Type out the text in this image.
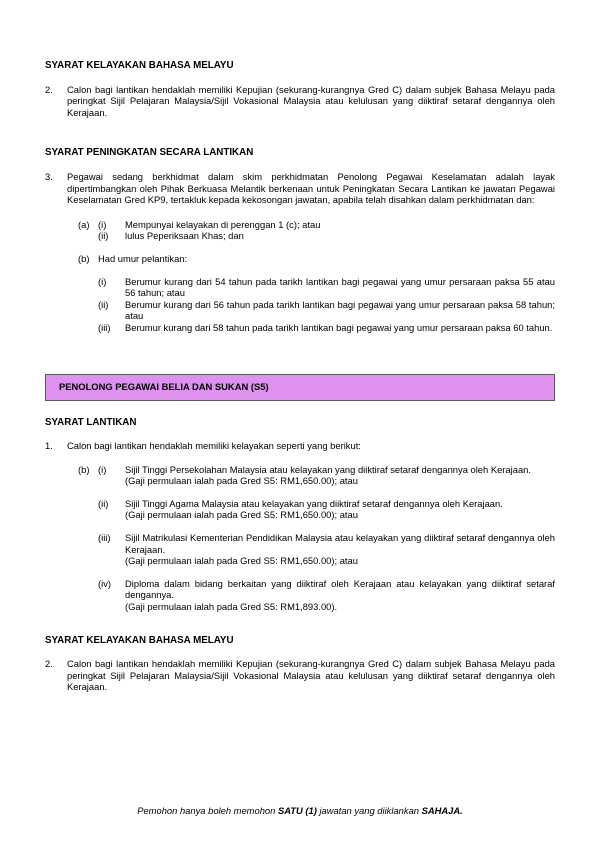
SYARAT KELAYAKAN BAHASA MELAYU
2.	Calon bagi lantikan hendaklah memiliki Kepujian (sekurang-kurangnya Gred C) dalam subjek Bahasa Melayu pada peringkat Sijil Pelajaran Malaysia/Sijil Vokasional Malaysia atau kelulusan yang diiktiraf setaraf dengannya oleh Kerajaan.
SYARAT PENINGKATAN SECARA LANTIKAN
3.	Pegawai sedang berkhidmat dalam skim perkhidmatan Penolong Pegawai Keselamatan adalah layak dipertimbangkan oleh Pihak Berkuasa Melantik berkenaan untuk Peningkatan Secara Lantikan ke jawatan Pegawai Keselamatan Gred KP9, tertakluk kepada kekosongan jawatan, apabila telah disahkan dalam perkhidmatan dan:
(a) (i)	Mempunyai kelayakan di perenggan 1 (c); atau
(ii)	lulus Peperiksaan Khas; dan
(b) Had umur pelantikan:
(i)	Berumur kurang dari 54 tahun pada tarikh lantikan bagi pegawai yang umur persaraan paksa 55 atau 56 tahun; atau
(ii)	Berumur kurang dari 56 tahun pada tarikh lantikan bagi pegawai yang umur persaraan paksa 58 tahun; atau
(iii)	Berumur kurang dari 58 tahun pada tarikh lantikan bagi pegawai yang umur persaraan paksa 60 tahun.
PENOLONG PEGAWAI BELIA DAN SUKAN (S5)
SYARAT LANTIKAN
1.	Calon bagi lantikan hendaklah memiliki kelayakan seperti yang berikut:
(b) (i)	Sijil Tinggi Persekolahan Malaysia atau kelayakan yang diiktiraf setaraf dengannya oleh Kerajaan.
(Gaji permulaan ialah pada Gred S5: RM1,650.00); atau
(ii)	Sijil Tinggi Agama Malaysia atau kelayakan yang diiktiraf setaraf dengannya oleh Kerajaan.
(Gaji permulaan ialah pada Gred S5: RM1,650.00); atau
(iii)	Sijil Matrikulasi Kementerian Pendidikan Malaysia atau kelayakan yang diiktiraf setaraf dengannya oleh Kerajaan.
(Gaji permulaan ialah pada Gred S5: RM1,650.00); atau
(iv)	Diploma dalam bidang berkaitan yang diiktiraf oleh Kerajaan atau kelayakan yang diiktiraf setaraf dengannya.
(Gaji permulaan ialah pada Gred S5: RM1,893.00).
SYARAT KELAYAKAN BAHASA MELAYU
2.	Calon bagi lantikan hendaklah memiliki Kepujian (sekurang-kurangnya Gred C) dalam subjek Bahasa Melayu pada peringkat Sijil Pelajaran Malaysia/Sijil Vokasional Malaysia atau kelulusan yang diiktiraf setaraf dengannya oleh Kerajaan.
Pemohon hanya boleh memohon SATU (1) jawatan yang diiklankan SAHAJA.
